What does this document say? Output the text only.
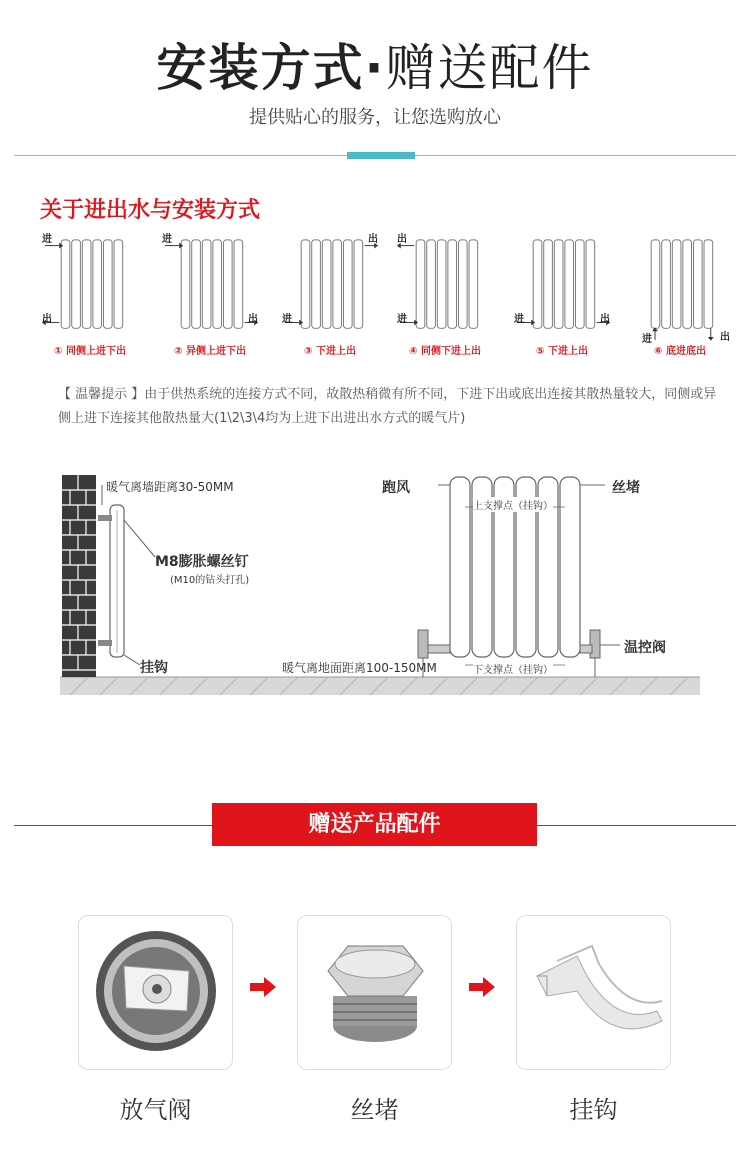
安装方式·赠送配件
提供贴心的服务，让您选购放心
关于进出水与安装方式
① 同侧上进下出
进
出
② 异侧上进下出
进
出
③ 下进上出
进
出
④ 同侧下进上出
进
出
⑤ 下进上出
进	出
⑥ 底进底出
进	出
【 温馨提示 】由于供热系统的连接方式不同，故散热稍微有所不同，下进下出或底出连接其散热量较大，同侧或异侧上进下连接其他散热量大(1\2\3\4均为上进下出进出水方式的暖气片)
暖气离墙距离30-50MM
M8膨胀螺丝钉
(M10的钻头打孔)
挂钩
跑风	丝堵
上支撑点（挂钩）
下支撑点（挂钩）
暖气离地面距离100-150MM
温控阀
赠送产品配件
放气阀	丝堵	挂钩
